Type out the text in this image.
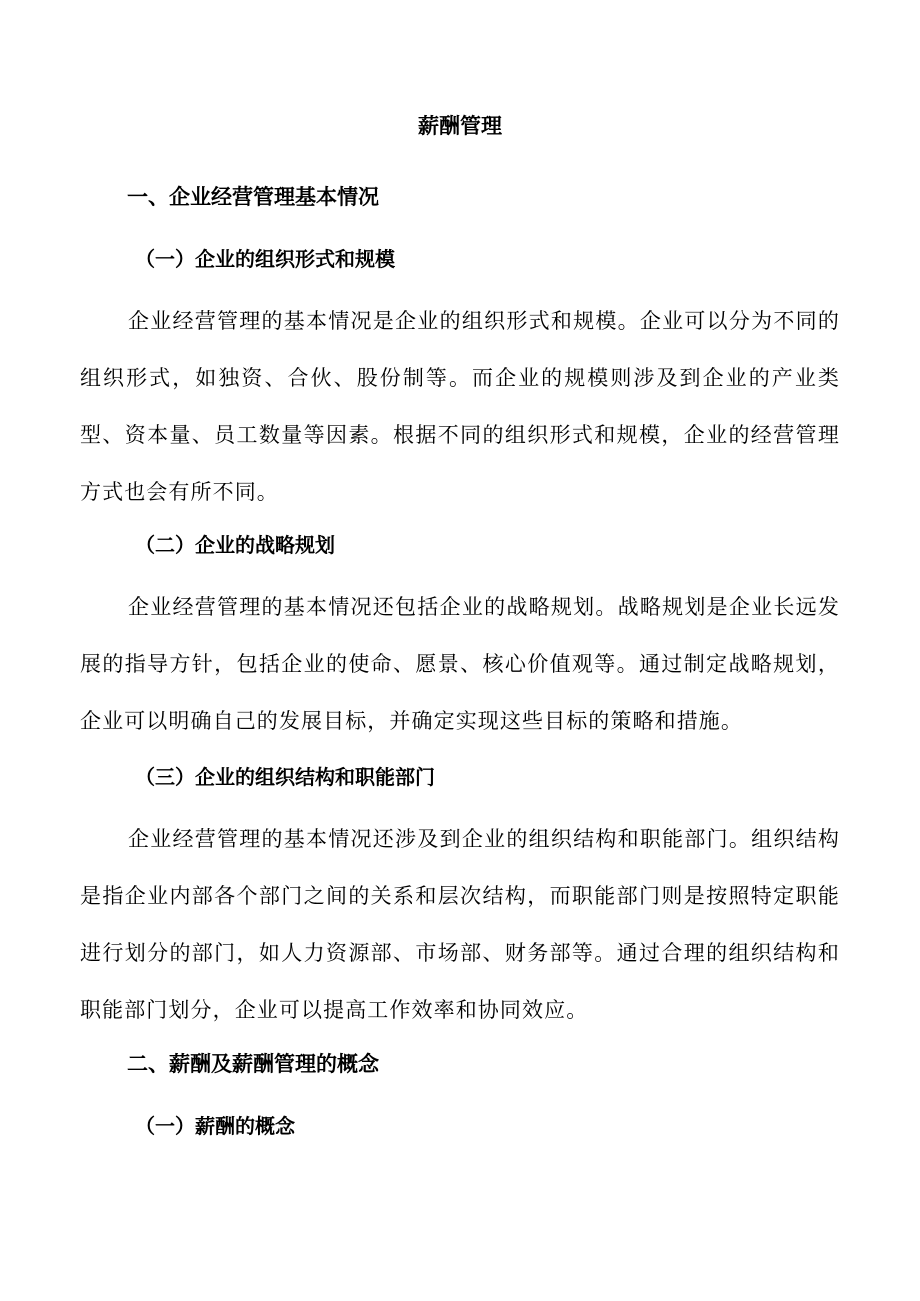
薪酬管理
一、企业经营管理基本情况
（一）企业的组织形式和规模

企业经营管理的基本情况是企业的组织形式和规模。企业可以分为不同的组织形式，如独资、合伙、股份制等。而企业的规模则涉及到企业的产业类型、资本量、员工数量等因素。根据不同的组织形式和规模，企业的经营管理方式也会有所不同。

（二）企业的战略规划

企业经营管理的基本情况还包括企业的战略规划。战略规划是企业长远发展的指导方针，包括企业的使命、愿景、核心价值观等。通过制定战略规划，企业可以明确自己的发展目标，并确定实现这些目标的策略和措施。

（三）企业的组织结构和职能部门

企业经营管理的基本情况还涉及到企业的组织结构和职能部门。组织结构是指企业内部各个部门之间的关系和层次结构，而职能部门则是按照特定职能进行划分的部门，如人力资源部、市场部、财务部等。通过合理的组织结构和职能部门划分，企业可以提高工作效率和协同效应。

二、薪酬及薪酬管理的概念
（一）薪酬的概念
